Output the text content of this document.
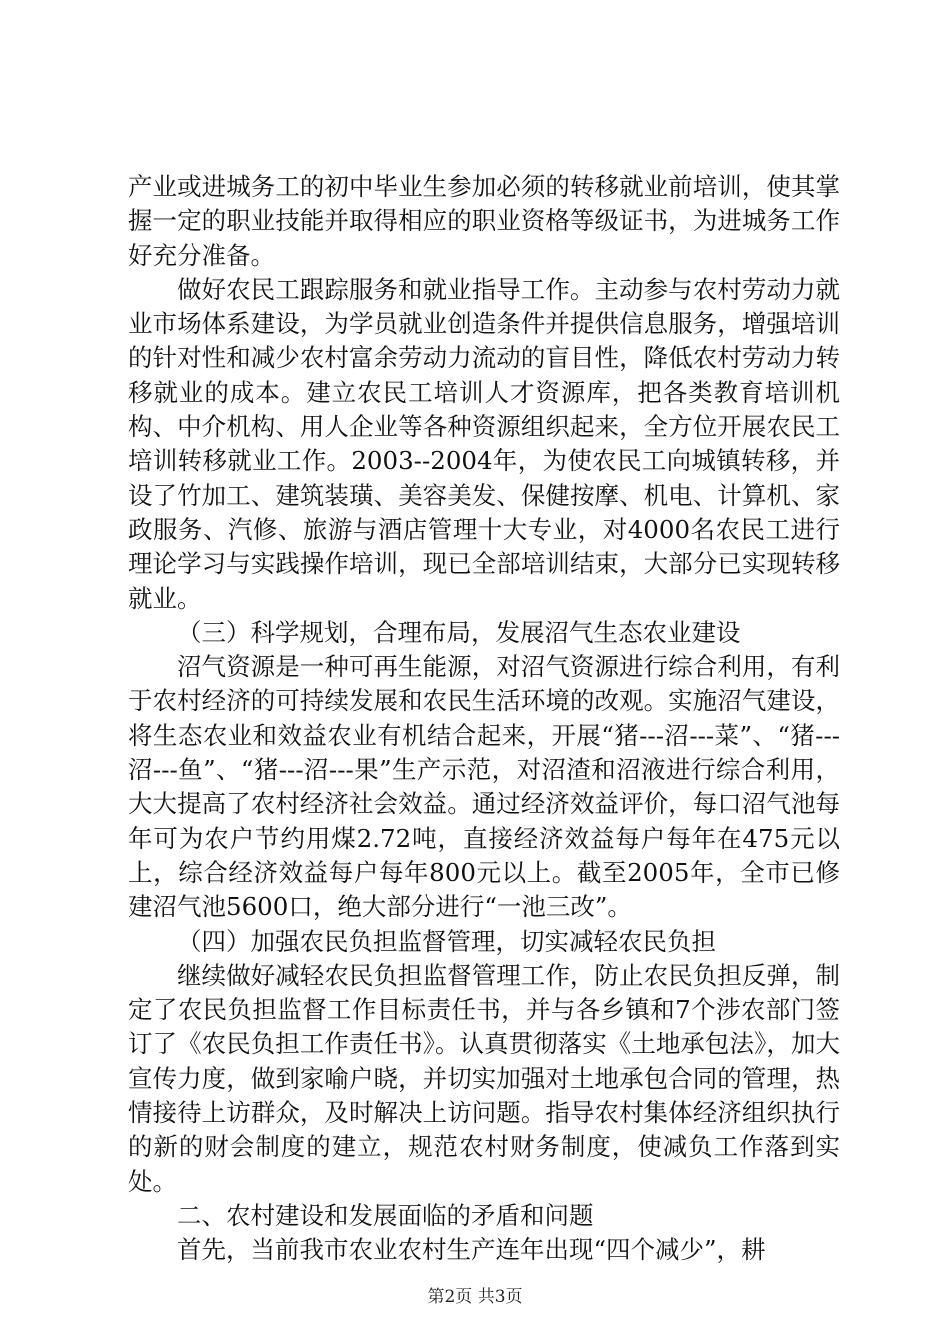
产业或进城务工的初中毕业生参加必须的转移就业前培训，使其掌握一定的职业技能并取得相应的职业资格等级证书，为进城务工作好充分准备。

做好农民工跟踪服务和就业指导工作。主动参与农村劳动力就业市场体系建设，为学员就业创造条件并提供信息服务，增强培训的针对性和减少农村富余劳动力流动的盲目性，降低农村劳动力转移就业的成本。建立农民工培训人才资源库，把各类教育培训机构、中介机构、用人企业等各种资源组织起来，全方位开展农民工培训转移就业工作。2003--2004年，为使农民工向城镇转移，并设了竹加工、建筑装璜、美容美发、保健按摩、机电、计算机、家政服务、汽修、旅游与酒店管理十大专业，对4000名农民工进行理论学习与实践操作培训，现已全部培训结束，大部分已实现转移就业。

（三）科学规划，合理布局，发展沼气生态农业建设

沼气资源是一种可再生能源，对沼气资源进行综合利用，有利于农村经济的可持续发展和农民生活环境的改观。实施沼气建设，将生态农业和效益农业有机结合起来，开展“猪---沼---菜”、“猪---沼---鱼”、“猪---沼---果”生产示范，对沼渣和沼液进行综合利用，大大提高了农村经济社会效益。通过经济效益评价，每口沼气池每年可为农户节约用煤2.72吨，直接经济效益每户每年在475元以上，综合经济效益每户每年800元以上。截至2005年，全市已修建沼气池5600口，绝大部分进行“一池三改”。

（四）加强农民负担监督管理，切实减轻农民负担

继续做好减轻农民负担监督管理工作，防止农民负担反弹，制定了农民负担监督工作目标责任书，并与各乡镇和7个涉农部门签订了《农民负担工作责任书》。认真贯彻落实《土地承包法》，加大宣传力度，做到家喻户晓，并切实加强对土地承包合同的管理，热情接待上访群众，及时解决上访问题。指导农村集体经济组织执行的新的财会制度的建立，规范农村财务制度，使减负工作落到实处。

二、农村建设和发展面临的矛盾和问题

首先，当前我市农业农村生产连年出现“四个减少”，耕

第2页 共3页
